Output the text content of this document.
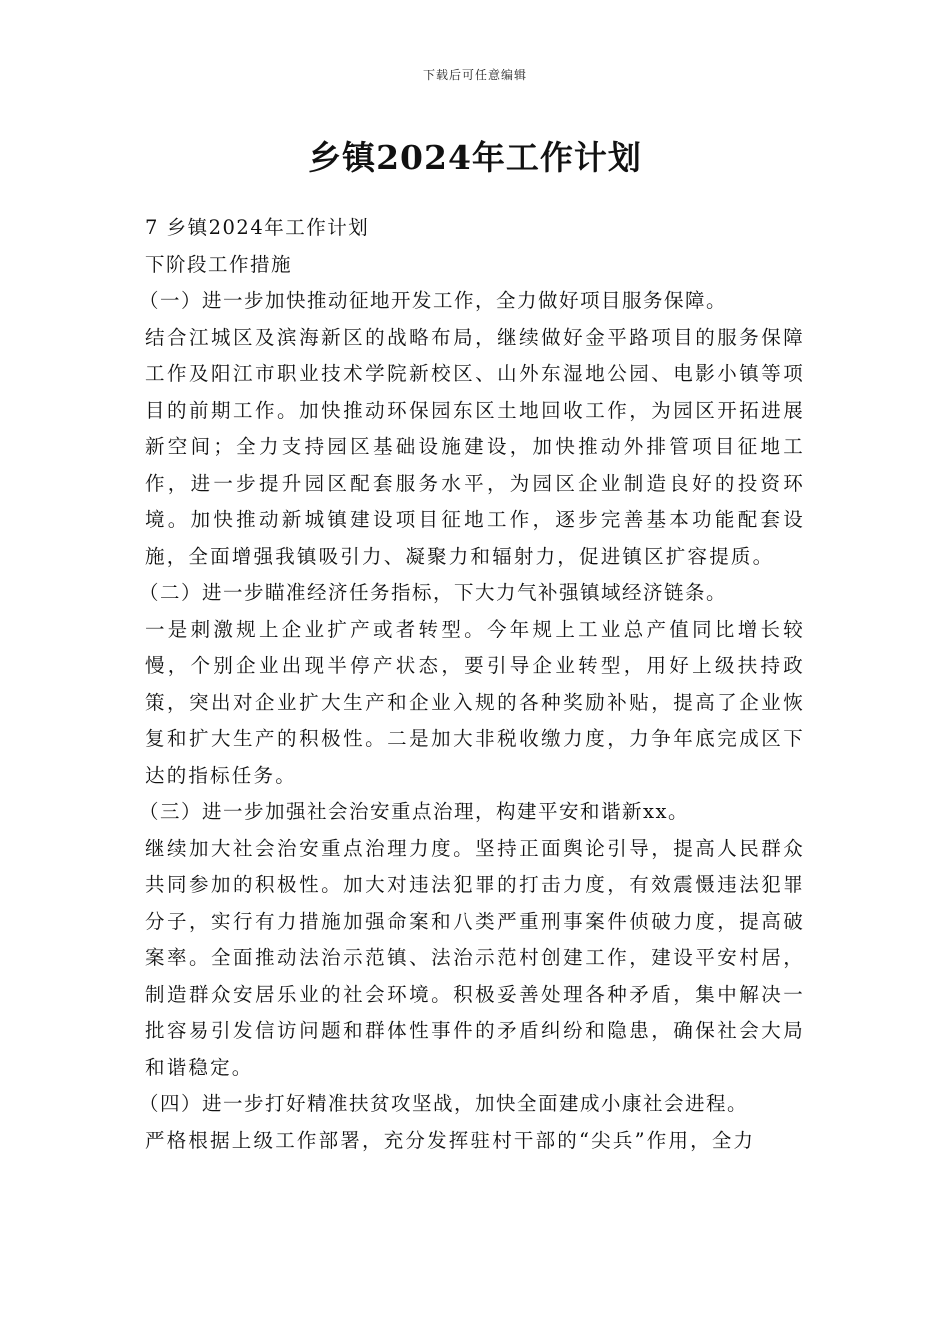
下载后可任意编辑
乡镇2024年工作计划

7 乡镇2024年工作计划

下阶段工作措施

（一）进一步加快推动征地开发工作，全力做好项目服务保障。

结合江城区及滨海新区的战略布局，继续做好金平路项目的服务保障工作及阳江市职业技术学院新校区、山外东湿地公园、电影小镇等项目的前期工作。加快推动环保园东区土地回收工作，为园区开拓进展新空间；全力支持园区基础设施建设，加快推动外排管项目征地工作，进一步提升园区配套服务水平，为园区企业制造良好的投资环境。加快推动新城镇建设项目征地工作，逐步完善基本功能配套设施，全面增强我镇吸引力、凝聚力和辐射力，促进镇区扩容提质。

（二）进一步瞄准经济任务指标，下大力气补强镇域经济链条。

一是刺激规上企业扩产或者转型。今年规上工业总产值同比增长较慢，个别企业出现半停产状态，要引导企业转型，用好上级扶持政策，突出对企业扩大生产和企业入规的各种奖励补贴，提高了企业恢复和扩大生产的积极性。二是加大非税收缴力度，力争年底完成区下达的指标任务。

（三）进一步加强社会治安重点治理，构建平安和谐新xx。

继续加大社会治安重点治理力度。坚持正面舆论引导，提高人民群众共同参加的积极性。加大对违法犯罪的打击力度，有效震慑违法犯罪分子，实行有力措施加强命案和八类严重刑事案件侦破力度，提高破案率。全面推动法治示范镇、法治示范村创建工作，建设平安村居，制造群众安居乐业的社会环境。积极妥善处理各种矛盾，集中解决一批容易引发信访问题和群体性事件的矛盾纠纷和隐患，确保社会大局和谐稳定。

（四）进一步打好精准扶贫攻坚战，加快全面建成小康社会进程。

严格根据上级工作部署，充分发挥驻村干部的“尖兵”作用，全力
